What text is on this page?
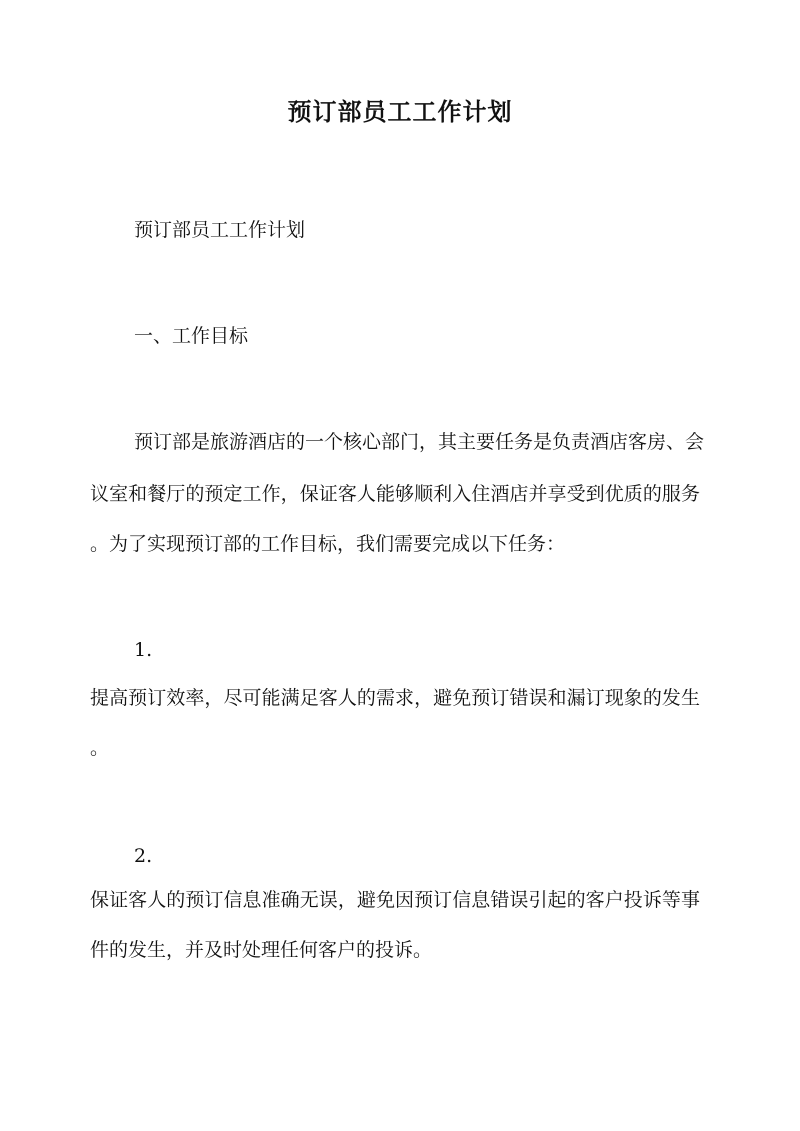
预订部员工工作计划
预订部员工工作计划
一、工作目标
预订部是旅游酒店的一个核心部门，其主要任务是负责酒店客房、会
议室和餐厅的预定工作，保证客人能够顺利入住酒店并享受到优质的服务
。为了实现预订部的工作目标，我们需要完成以下任务：
1.
提高预订效率，尽可能满足客人的需求，避免预订错误和漏订现象的发生
。
2.
保证客人的预订信息准确无误，避免因预订信息错误引起的客户投诉等事
件的发生，并及时处理任何客户的投诉。
